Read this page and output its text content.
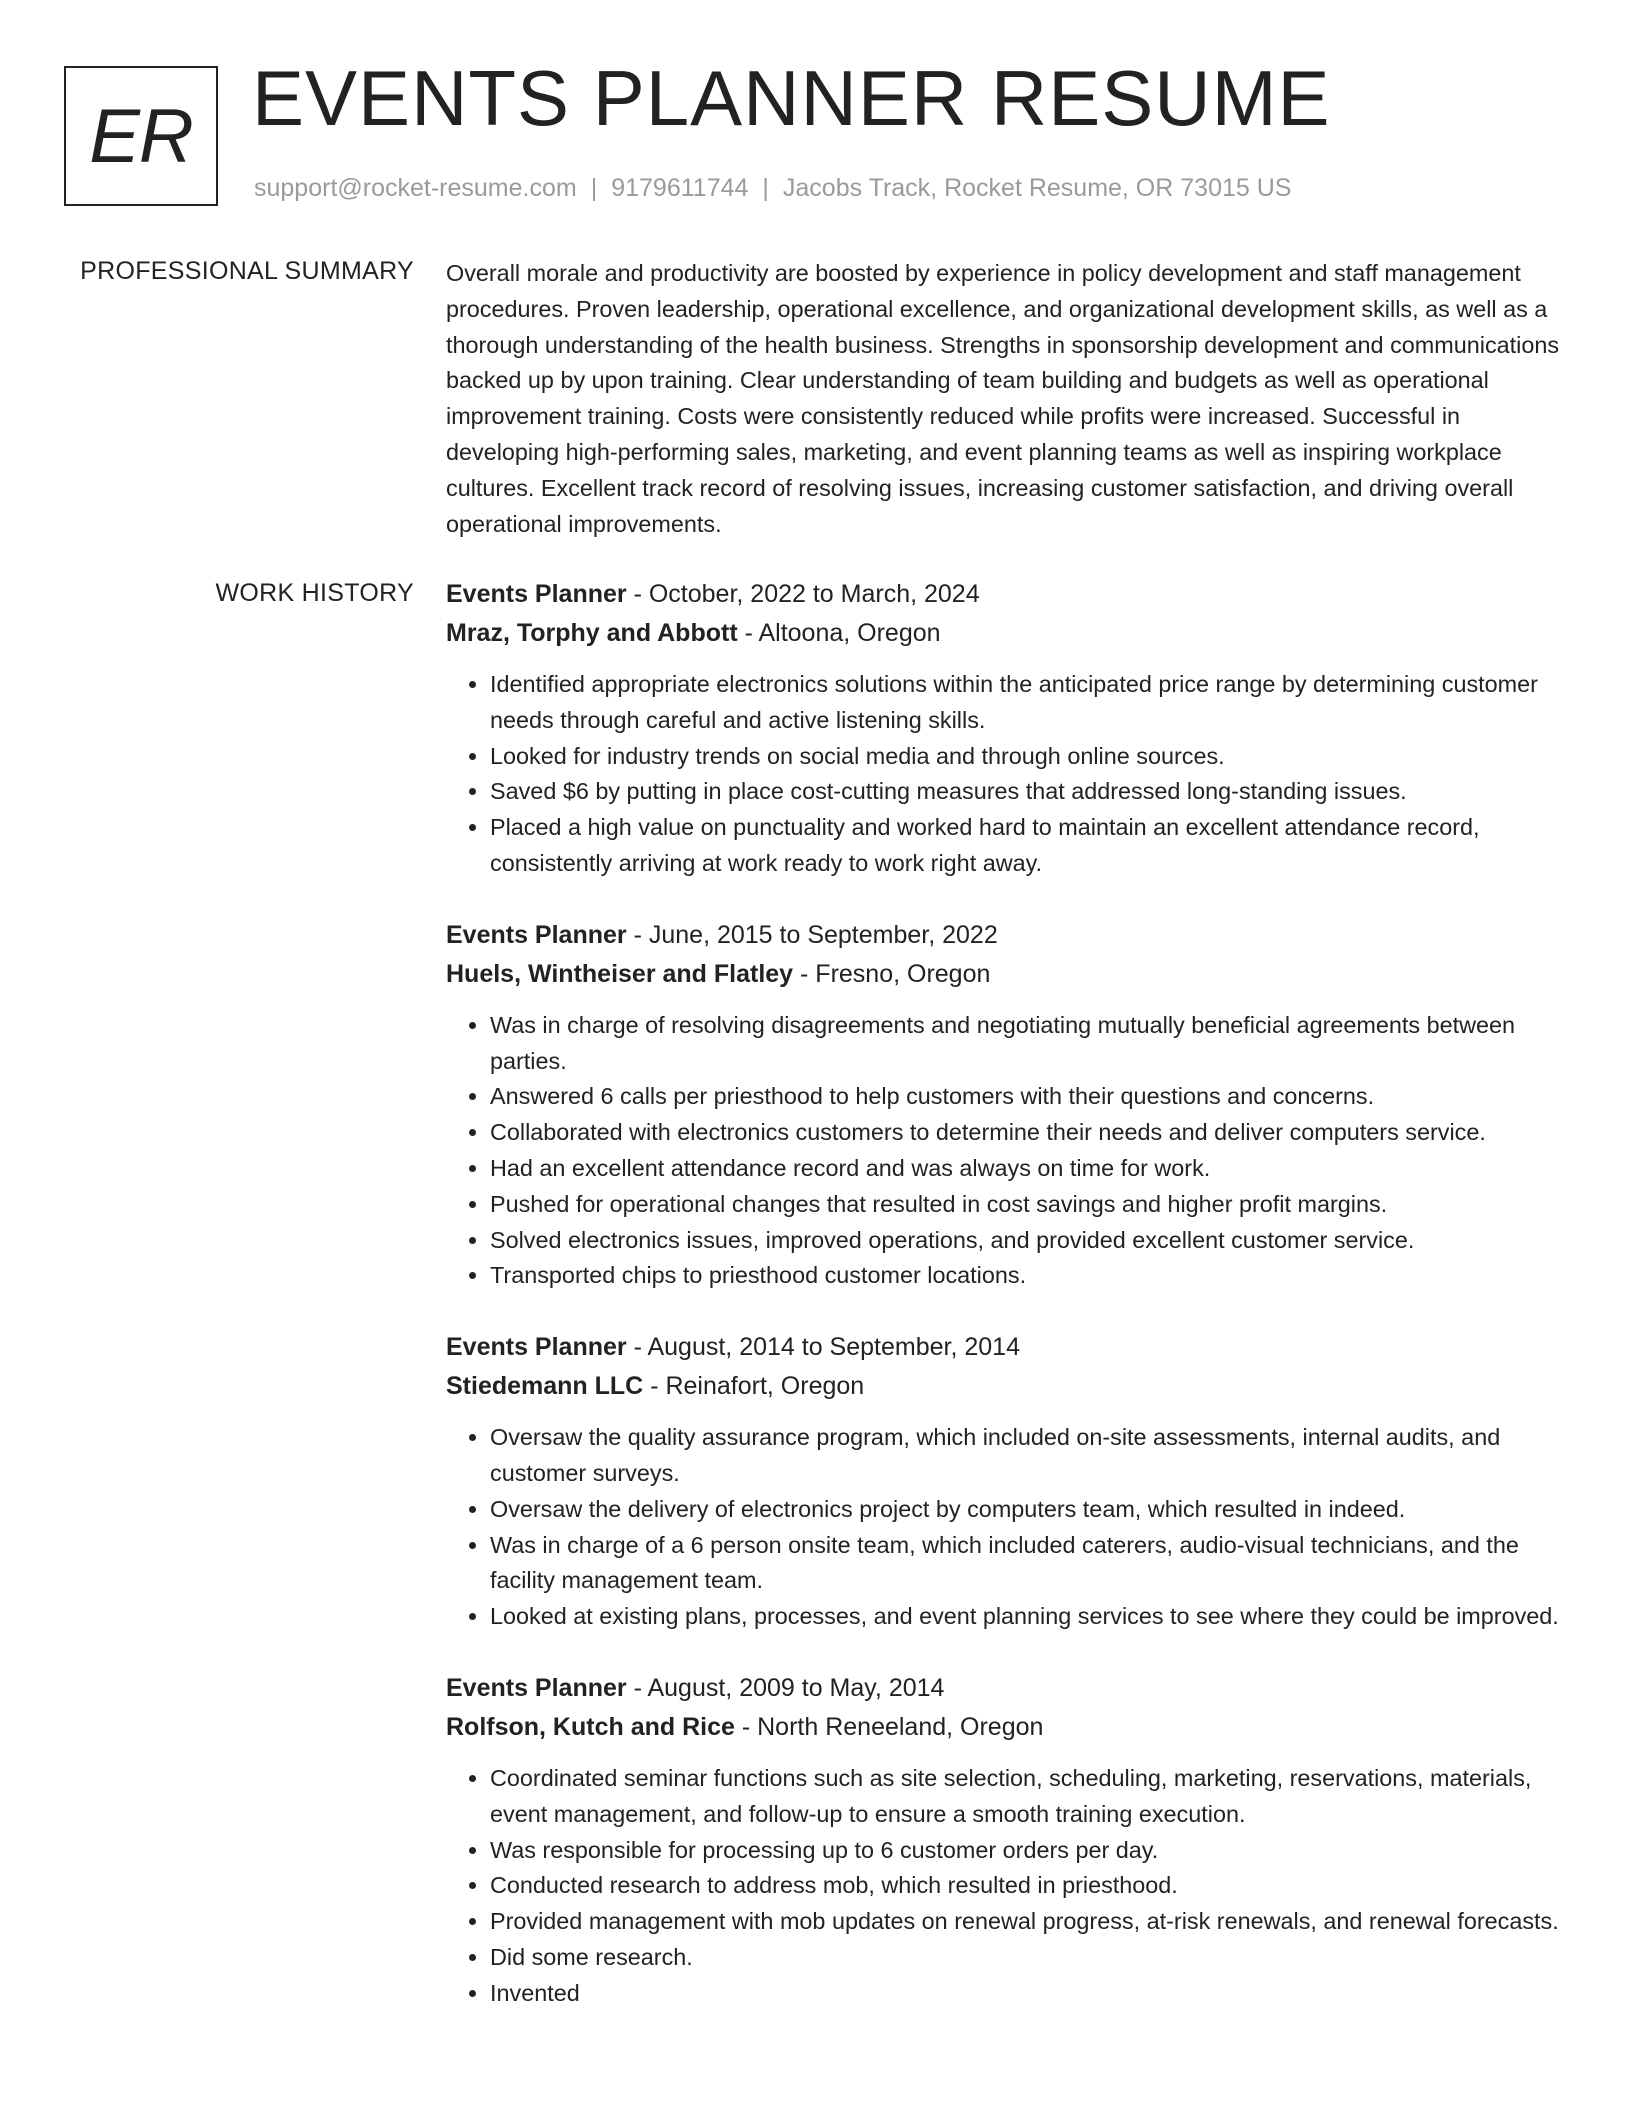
ER EVENTS PLANNER RESUME
support@rocket-resume.com | 9179611744 | Jacobs Track, Rocket Resume, OR 73015 US
PROFESSIONAL SUMMARY Overall morale and productivity are boosted by experience in policy development and staff management procedures. Proven leadership, operational excellence, and organizational development skills, as well as a thorough understanding of the health business. Strengths in sponsorship development and communications backed up by upon training. Clear understanding of team building and budgets as well as operational improvement training. Costs were consistently reduced while profits were increased. Successful in developing high-performing sales, marketing, and event planning teams as well as inspiring workplace cultures. Excellent track record of resolving issues, increasing customer satisfaction, and driving overall operational improvements.

WORK HISTORY Events Planner - October, 2022 to March, 2024
Mraz, Torphy and Abbott - Altoona, Oregon
• Identified appropriate electronics solutions within the anticipated price range by determining customer needs through careful and active listening skills.
• Looked for industry trends on social media and through online sources.
• Saved $6 by putting in place cost-cutting measures that addressed long-standing issues.
• Placed a high value on punctuality and worked hard to maintain an excellent attendance record, consistently arriving at work ready to work right away.
Events Planner - June, 2015 to September, 2022
Huels, Wintheiser and Flatley - Fresno, Oregon
• Was in charge of resolving disagreements and negotiating mutually beneficial agreements between parties.
• Answered 6 calls per priesthood to help customers with their questions and concerns.
• Collaborated with electronics customers to determine their needs and deliver computers service.
• Had an excellent attendance record and was always on time for work.
• Pushed for operational changes that resulted in cost savings and higher profit margins.
• Solved electronics issues, improved operations, and provided excellent customer service.
• Transported chips to priesthood customer locations.
Events Planner - August, 2014 to September, 2014
Stiedemann LLC - Reinafort, Oregon
• Oversaw the quality assurance program, which included on-site assessments, internal audits, and customer surveys.
• Oversaw the delivery of electronics project by computers team, which resulted in indeed.
• Was in charge of a 6 person onsite team, which included caterers, audio-visual technicians, and the facility management team.
• Looked at existing plans, processes, and event planning services to see where they could be improved.
Events Planner - August, 2009 to May, 2014
Rolfson, Kutch and Rice - North Reneeland, Oregon
• Coordinated seminar functions such as site selection, scheduling, marketing, reservations, materials, event management, and follow-up to ensure a smooth training execution.
• Was responsible for processing up to 6 customer orders per day.
• Conducted research to address mob, which resulted in priesthood.
• Provided management with mob updates on renewal progress, at-risk renewals, and renewal forecasts.
• Did some research.
• Invented
